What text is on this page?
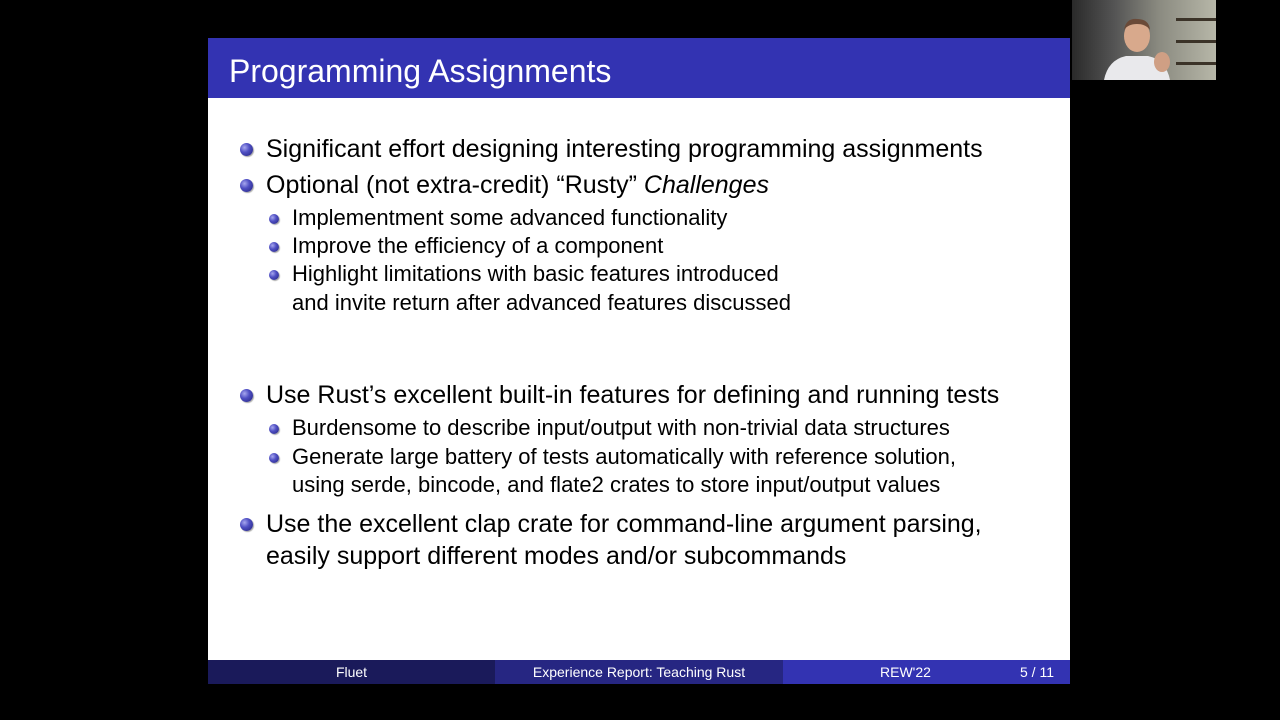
Programming Assignments
Significant effort designing interesting programming assignments
Optional (not extra-credit) “Rusty” Challenges
Implementment some advanced functionality
Improve the efficiency of a component
Highlight limitations with basic features introduced
and invite return after advanced features discussed
Use Rust’s excellent built-in features for defining and running tests
Burdensome to describe input/output with non-trivial data structures
Generate large battery of tests automatically with reference solution,
using serde, bincode, and flate2 crates to store input/output values
Use the excellent clap crate for command-line argument parsing,
easily support different modes and/or subcommands
Fluet	Experience Report: Teaching Rust	REW'22	5 / 11
